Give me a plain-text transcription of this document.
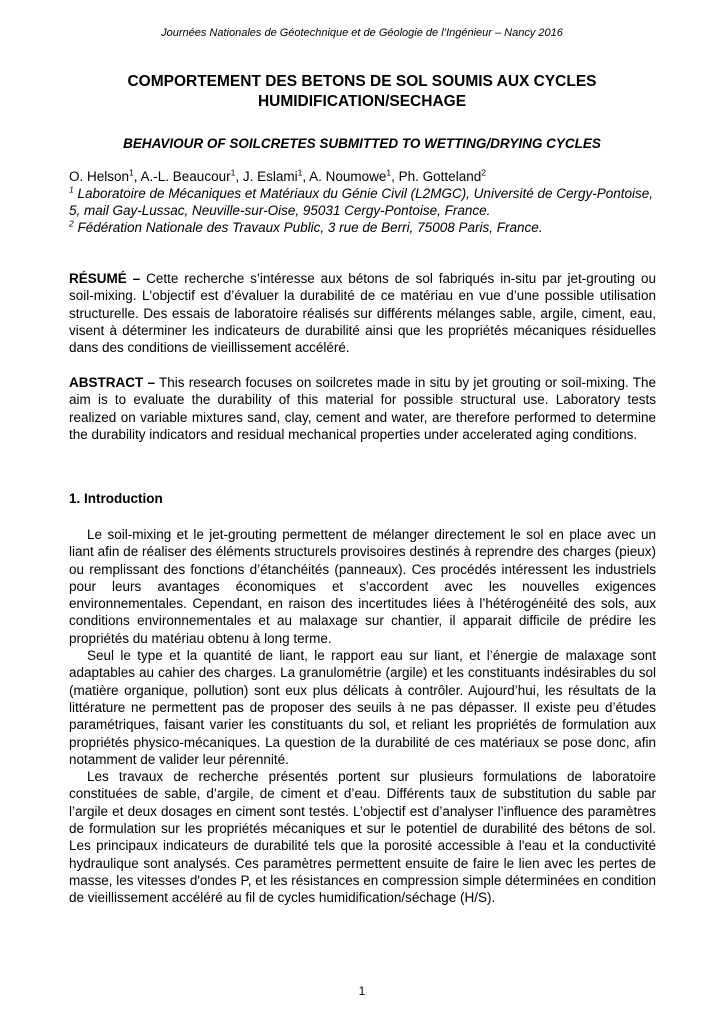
Journées Nationales de Géotechnique et de Géologie de l’Ingénieur – Nancy 2016
COMPORTEMENT DES BETONS DE SOL SOUMIS AUX CYCLES
HUMIDIFICATION/SECHAGE
BEHAVIOUR OF SOILCRETES SUBMITTED TO WETTING/DRYING CYCLES
O. Helson$^1$, A.-L. Beaucour$^1$, J. Eslami$^1$, A. Noumowe$^1$, Ph. Gotteland$^2$
$^1$ Laboratoire de Mécaniques et Matériaux du Génie Civil (L2MGC), Université de Cergy-Pontoise, 5, mail Gay-Lussac, Neuville-sur-Oise, 95031 Cergy-Pontoise, France.
$^2$ Fédération Nationale des Travaux Public, 3 rue de Berri, 75008 Paris, France.
RÉSUMÉ – Cette recherche s’intéresse aux bétons de sol fabriqués in-situ par jet-grouting ou soil-mixing. L'objectif est d’évaluer la durabilité de ce matériau en vue d’une possible utilisation structurelle. Des essais de laboratoire réalisés sur différents mélanges sable, argile, ciment, eau, visent à déterminer les indicateurs de durabilité ainsi que les propriétés mécaniques résiduelles dans des conditions de vieillissement accéléré.
ABSTRACT – This research focuses on soilcretes made in situ by jet grouting or soil-mixing. The aim is to evaluate the durability of this material for possible structural use. Laboratory tests realized on variable mixtures sand, clay, cement and water, are therefore performed to determine the durability indicators and residual mechanical properties under accelerated aging conditions.
1. Introduction

Le soil-mixing et le jet-grouting permettent de mélanger directement le sol en place avec un liant afin de réaliser des éléments structurels provisoires destinés à reprendre des charges (pieux) ou remplissant des fonctions d’étanchéités (panneaux). Ces procédés intéressent les industriels pour leurs avantages économiques et s’accordent avec les nouvelles exigences environnementales. Cependant, en raison des incertitudes liées à l’hétérogénéité des sols, aux conditions environnementales et au malaxage sur chantier, il apparait difficile de prédire les propriétés du matériau obtenu à long terme.

Seul le type et la quantité de liant, le rapport eau sur liant, et l’énergie de malaxage sont adaptables au cahier des charges. La granulométrie (argile) et les constituants indésirables du sol (matière organique, pollution) sont eux plus délicats à contrôler. Aujourd’hui, les résultats de la littérature ne permettent pas de proposer des seuils à ne pas dépasser. Il existe peu d’études paramétriques, faisant varier les constituants du sol, et reliant les propriétés de formulation aux propriétés physico-mécaniques. La question de la durabilité de ces matériaux se pose donc, afin notamment de valider leur pérennité.

Les travaux de recherche présentés portent sur plusieurs formulations de laboratoire constituées de sable, d’argile, de ciment et d’eau. Différents taux de substitution du sable par l’argile et deux dosages en ciment sont testés. L’objectif est d’analyser l’influence des paramètres de formulation sur les propriétés mécaniques et sur le potentiel de durabilité des bétons de sol. Les principaux indicateurs de durabilité tels que la porosité accessible à l'eau et la conductivité hydraulique sont analysés. Ces paramètres permettent ensuite de faire le lien avec les pertes de masse, les vitesses d'ondes P, et les résistances en compression simple déterminées en condition de vieillissement accéléré au fil de cycles humidification/séchage (H/S).

1
